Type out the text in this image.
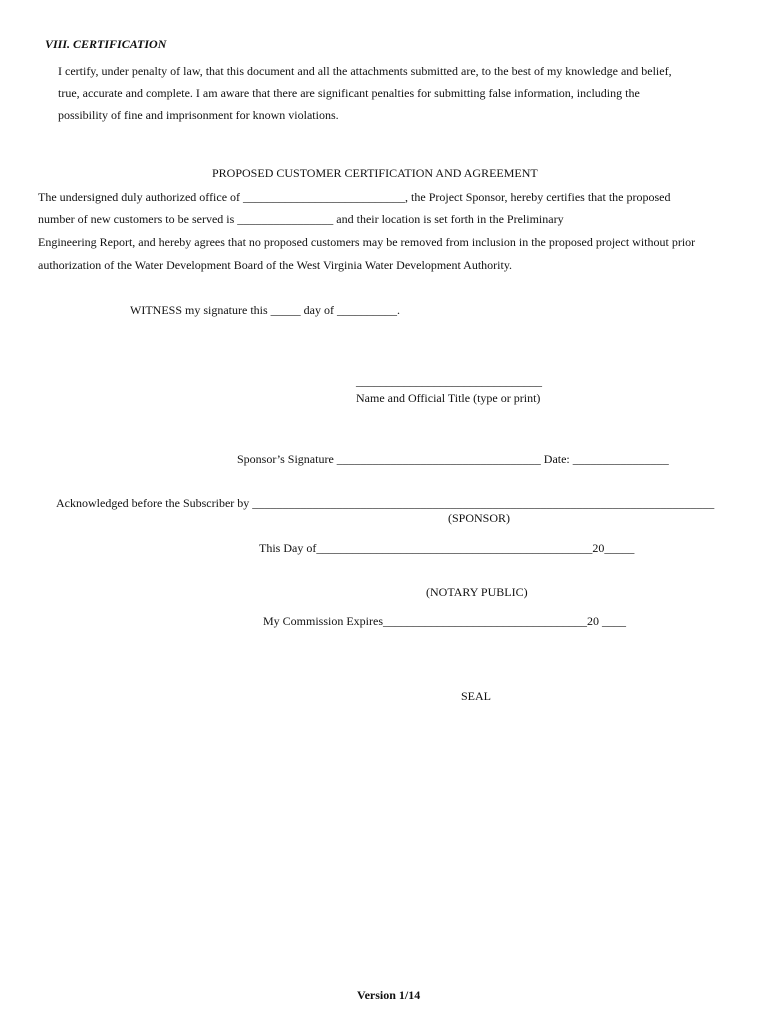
VIII. CERTIFICATION
I certify, under penalty of law, that this document and all the attachments submitted are, to the best of my knowledge and belief,
true, accurate and complete. I am aware that there are significant penalties for submitting false information, including the
possibility of fine and imprisonment for known violations.
PROPOSED CUSTOMER CERTIFICATION AND AGREEMENT
The undersigned duly authorized office of ___________________________, the Project Sponsor, hereby certifies that the proposed
number of new customers to be served is ________________ and their location is set forth in the Preliminary
Engineering Report, and hereby agrees that no proposed customers may be removed from inclusion in the proposed project without prior
authorization of the Water Development Board of the West Virginia Water Development Authority.
WITNESS my signature this _____ day of __________.
_______________________________
Name and Official Title (type or print)
Sponsor’s Signature __________________________________ Date: ________________
Acknowledged before the Subscriber by _____________________________________________________________________________
(SPONSOR)
This Day of______________________________________________20_____
(NOTARY PUBLIC)
My Commission Expires__________________________________20 ____
SEAL
Version 1/14
